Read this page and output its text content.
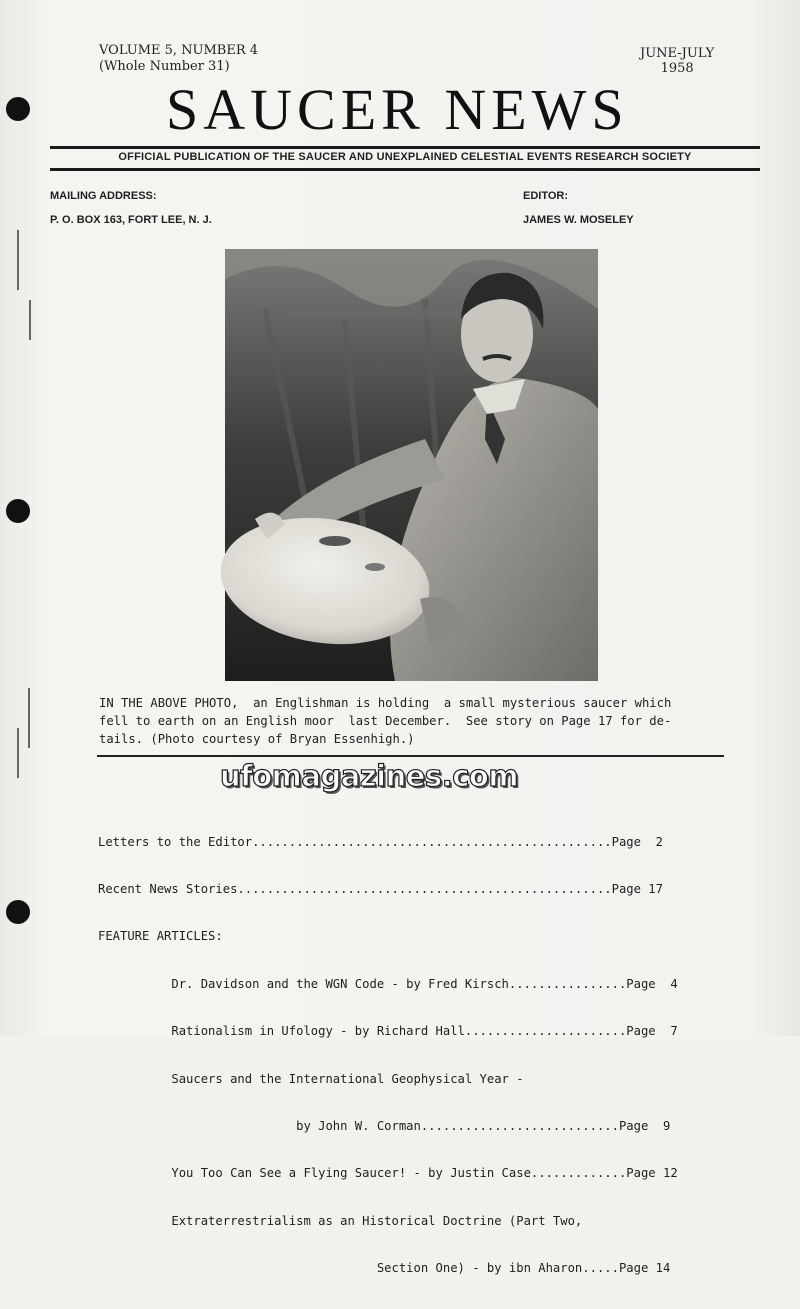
VOLUME 5, NUMBER 4
(Whole Number 31)
JUNE-JULY
1958
SAUCER NEWS
OFFICIAL PUBLICATION OF THE SAUCER AND UNEXPLAINED CELESTIAL EVENTS RESEARCH SOCIETY
MAILING ADDRESS:
P. O. BOX 163, FORT LEE, N. J.
EDITOR:
JAMES W. MOSELEY
IN THE ABOVE PHOTO,  an Englishman is holding  a small mysterious saucer which
fell to earth on an English moor  last December.  See story on Page 17 for de-
tails. (Photo courtesy of Bryan Essenhigh.)
ufomagazines.com

Letters to the Editor.................................................Page  2

Recent News Stories...................................................Page 17

FEATURE ARTICLES:

Dr. Davidson and the WGN Code - by Fred Kirsch................Page  4

Rationalism in Ufology - by Richard Hall......................Page  7

Saucers and the International Geophysical Year -

by John W. Corman...........................Page  9

You Too Can See a Flying Saucer! - by Justin Case.............Page 12

Extraterrestrialism as an Historical Doctrine (Part Two,

Section One) - by ibn Aharon.....Page 14
